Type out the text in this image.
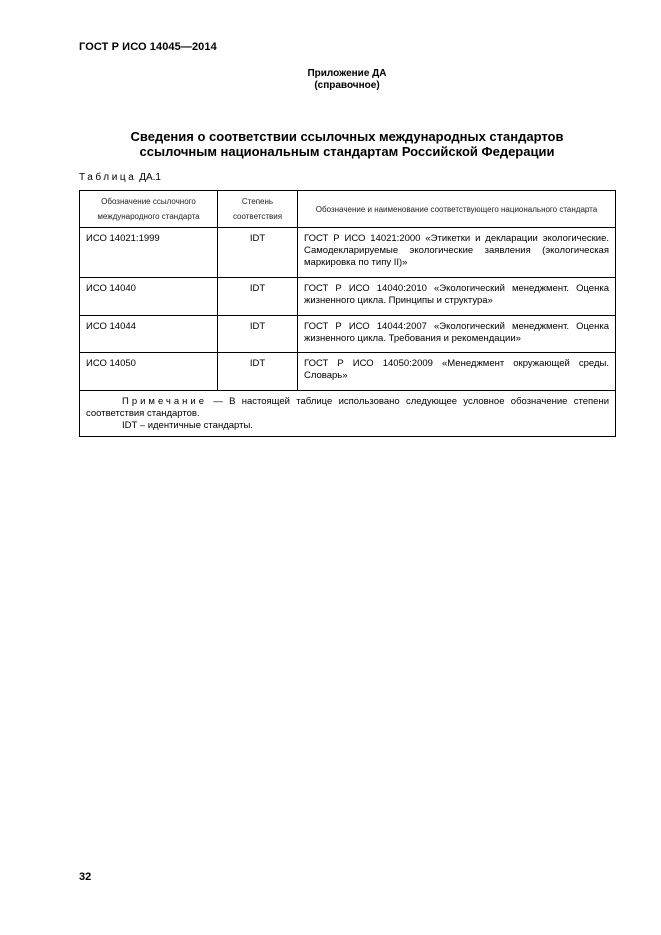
ГОСТ Р ИСО 14045—2014
Приложение ДА
(справочное)
Сведения о соответствии ссылочных международных стандартов
ссылочным национальным стандартам Российской Федерации
Таблица ДА.1
Обозначение ссылочного международного стандарта	Степень соответствия	Обозначение и наименование соответствующего национального стандарта
ИСО 14021:1999	IDT	ГОСТ Р ИСО 14021:2000 «Этикетки и декларации экологические. Самодекларируемые экологические заявления (экологическая маркировка по типу II)»
ИСО 14040	IDT	ГОСТ Р ИСО 14040:2010 «Экологический менеджмент. Оценка жизненного цикла. Принципы и структура»
ИСО 14044	IDT	ГОСТ Р ИСО 14044:2007 «Экологический менеджмент. Оценка жизненного цикла. Требования и рекомендации»
ИСО 14050	IDT	ГОСТ Р ИСО 14050:2009 «Менеджмент окружающей среды. Словарь»

Примечание — В настоящей таблице использовано следующее условное обозначение степени соответствия стандартов.

IDT – идентичные стандарты.		

32
